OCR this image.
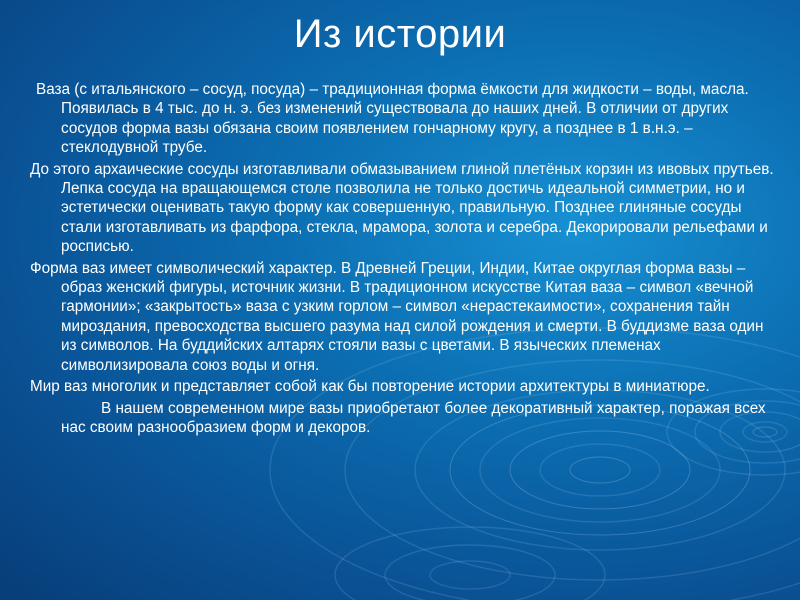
Из истории

Ваза (с итальянского – сосуд, посуда) – традиционная форма ёмкости для жидкости – воды, масла. Появилась в 4 тыс. до н. э. без изменений существовала до наших дней. В отличии от других сосудов форма вазы обязана своим появлением гончарному кругу, а позднее в 1 в.н.э. – стеклодувной трубе.

До этого архаические сосуды изготавливали обмазыванием глиной плетёных корзин из ивовых прутьев. Лепка сосуда на вращающемся столе позволила не только достичь идеальной симметрии, но и эстетически оценивать такую форму как совершенную, правильную. Позднее глиняные сосуды стали изготавливать из фарфора, стекла, мрамора, золота и серебра. Декорировали рельефами и росписью.

Форма ваз имеет символический характер. В Древней Греции, Индии, Китае округлая форма вазы – образ женский фигуры, источник жизни. В традиционном искусстве Китая ваза – символ «вечной гармонии»; «закрытость» ваза с узким горлом – символ «нерастекаимости», сохранения тайн мироздания, превосходства высшего разума над силой рождения и смерти. В буддизме ваза один из символов. На буддийских алтарях стояли вазы с цветами. В языческих племенах символизировала союз воды и огня.

Мир ваз многолик и представляет собой как бы повторение истории архитектуры в миниатюре.

В нашем современном мире вазы приобретают более декоративный характер, поражая всех нас своим разнообразием форм и декоров.
